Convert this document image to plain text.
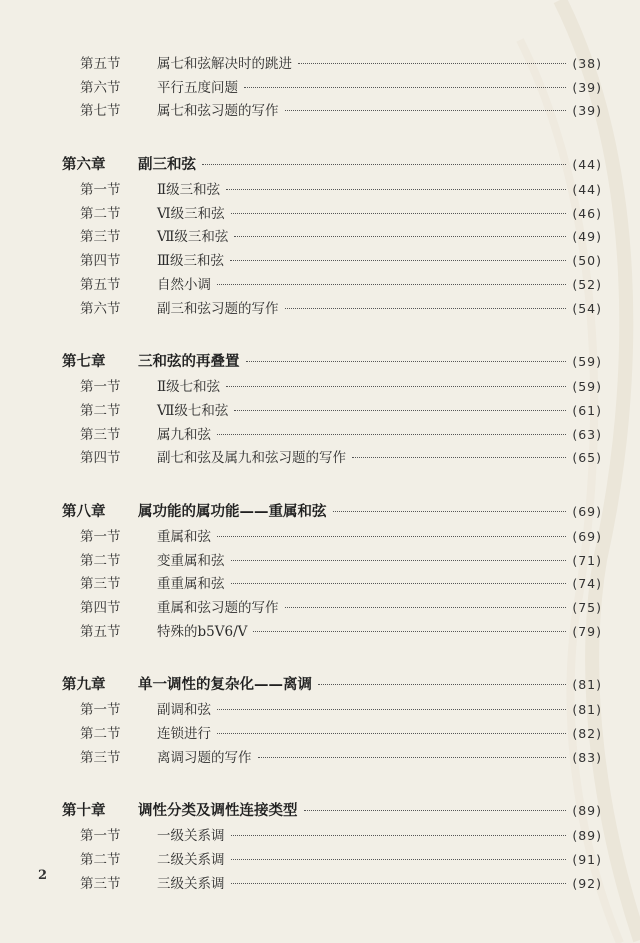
第五节	属七和弦解决时的跳进	(38)
第六节	平行五度问题	(39)
第七节	属七和弦习题的写作	(39)
第六章	副三和弦	(44)
第一节	Ⅱ级三和弦	(44)
第二节	Ⅵ级三和弦	(46)
第三节	Ⅶ级三和弦	(49)
第四节	Ⅲ级三和弦	(50)
第五节	自然小调	(52)
第六节	副三和弦习题的写作	(54)
第七章	三和弦的再叠置	(59)
第一节	Ⅱ级七和弦	(59)
第二节	Ⅶ级七和弦	(61)
第三节	属九和弦	(63)
第四节	副七和弦及属九和弦习题的写作	(65)
第八章	属功能的属功能——重属和弦	(69)
第一节	重属和弦	(69)
第二节	变重属和弦	(71)
第三节	重重属和弦	(74)
第四节	重属和弦习题的写作	(75)
第五节	特殊的b5V6/V	(79)
第九章	单一调性的复杂化——离调	(81)
第一节	副调和弦	(81)
第二节	连锁进行	(82)
第三节	离调习题的写作	(83)
第十章	调性分类及调性连接类型	(89)
第一节	一级关系调	(89)
第二节	二级关系调	(91)
第三节	三级关系调	(92)
2
